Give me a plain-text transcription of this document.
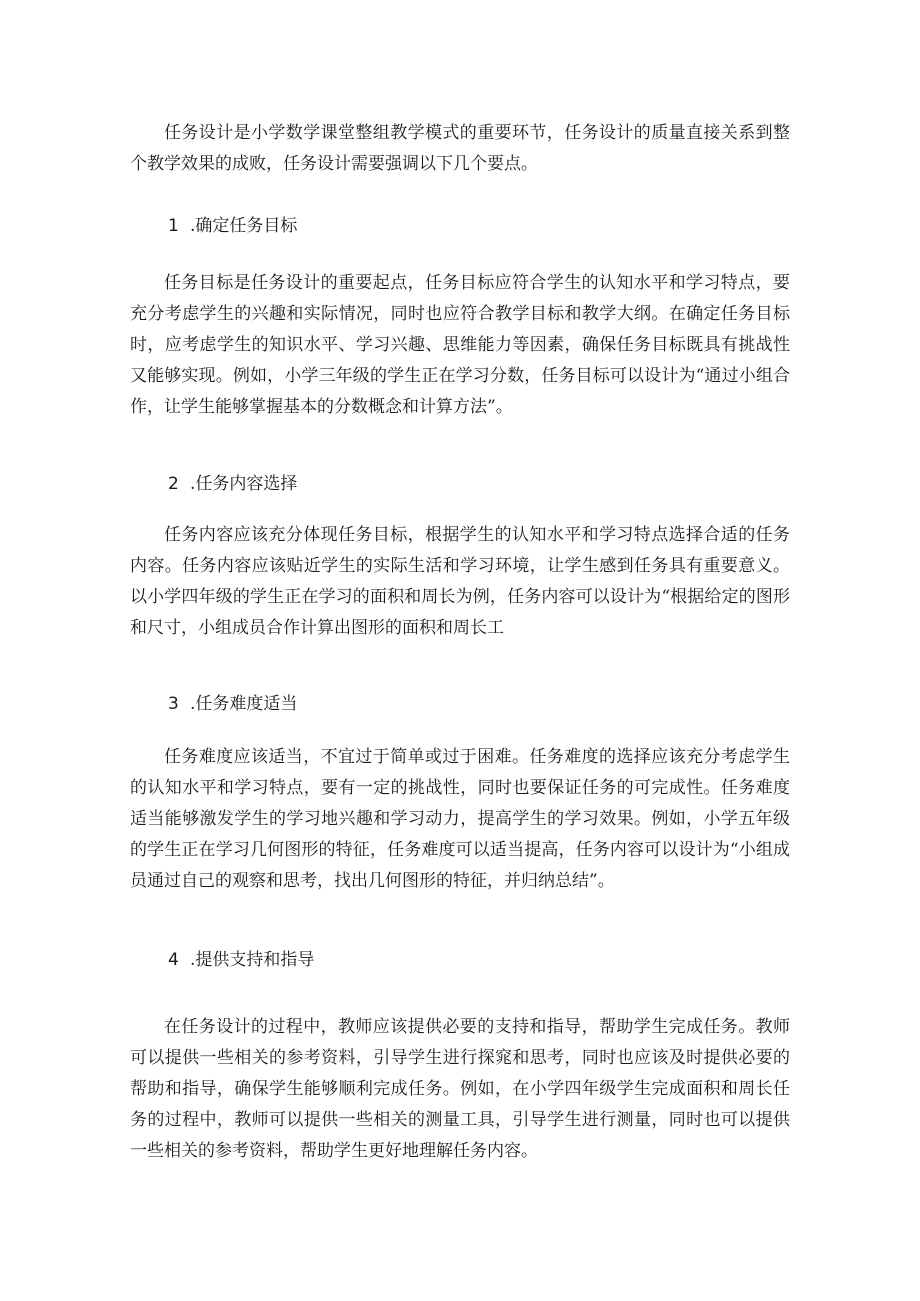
任务设计是小学数学课堂整组教学模式的重要环节，任务设计的质量直接关系到整个教学效果的成败，任务设计需要强调以下几个要点。

1 .确定任务目标

任务目标是任务设计的重要起点，任务目标应符合学生的认知水平和学习特点，要充分考虑学生的兴趣和实际情况，同时也应符合教学目标和教学大纲。在确定任务目标时，应考虑学生的知识水平、学习兴趣、思维能力等因素，确保任务目标既具有挑战性又能够实现。例如，小学三年级的学生正在学习分数，任务目标可以设计为“通过小组合作，让学生能够掌握基本的分数概念和计算方法”。

2 .任务内容选择

任务内容应该充分体现任务目标，根据学生的认知水平和学习特点选择合适的任务内容。任务内容应该贴近学生的实际生活和学习环境，让学生感到任务具有重要意义。以小学四年级的学生正在学习的面积和周长为例，任务内容可以设计为“根据给定的图形和尺寸，小组成员合作计算出图形的面积和周长工

3 .任务难度适当

任务难度应该适当，不宜过于简单或过于困难。任务难度的选择应该充分考虑学生的认知水平和学习特点，要有一定的挑战性，同时也要保证任务的可完成性。任务难度适当能够激发学生的学习地兴趣和学习动力，提高学生的学习效果。例如，小学五年级的学生正在学习几何图形的特征，任务难度可以适当提高，任务内容可以设计为“小组成员通过自己的观察和思考，找出几何图形的特征，并归纳总结”。

4 .提供支持和指导

在任务设计的过程中，教师应该提供必要的支持和指导，帮助学生完成任务。教师可以提供一些相关的参考资料，引导学生进行探窕和思考，同时也应该及时提供必要的帮助和指导，确保学生能够顺利完成任务。例如，在小学四年级学生完成面积和周长任务的过程中，教师可以提供一些相关的测量工具，引导学生进行测量，同时也可以提供一些相关的参考资料，帮助学生更好地理解任务内容。
